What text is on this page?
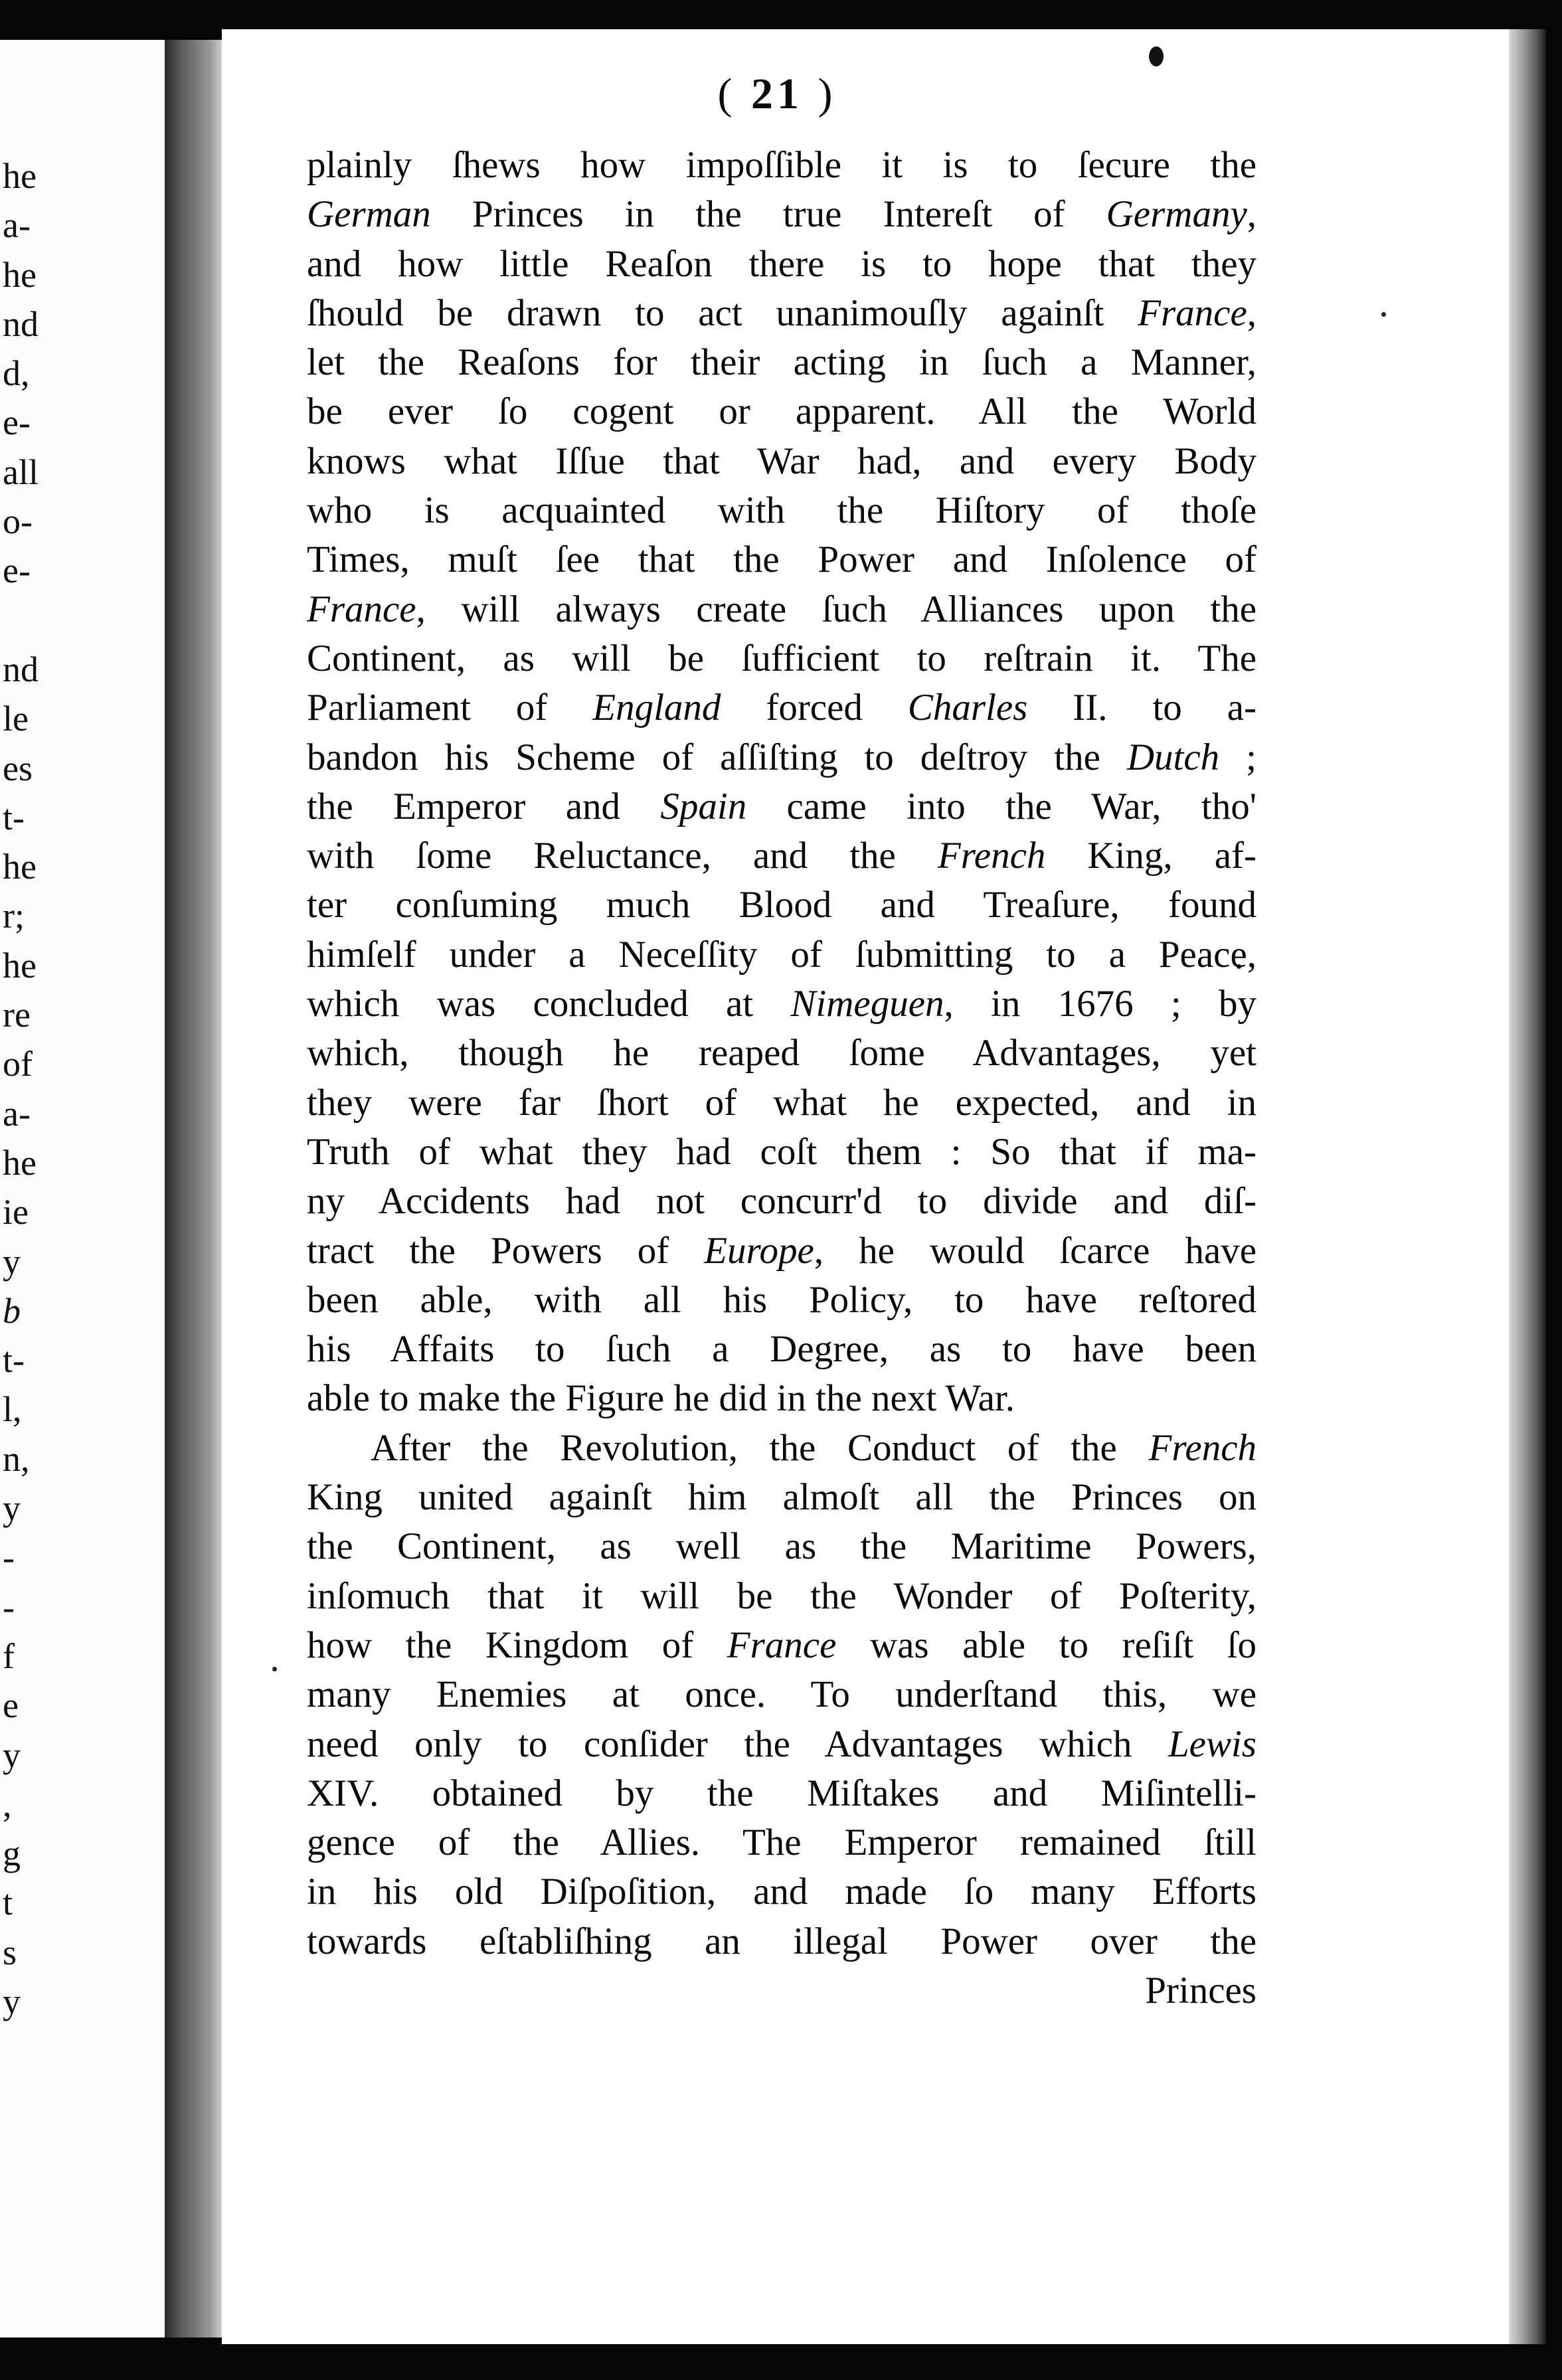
he
a-
he
nd
d,
e-
all
o-
e-
nd
le
es
t-
he
r;
he
re
of
a-
he
ie
y
b
t-
l,
n,
y
-
-
f
e
y
,
g
t
s
y
( 21 )
plainly ſhews how impoſſible it is to ſecure the
German Princes in the true Intereſt of Germany,
and how little Reaſon there is to hope that they
ſhould be drawn to act unanimouſly againſt France,
let the Reaſons for their acting in ſuch a Manner,
be ever ſo cogent or apparent. All the World
knows what Iſſue that War had, and every Body
who is acquainted with the Hiſtory of thoſe
Times, muſt ſee that the Power and Inſolence of
France, will always create ſuch Alliances upon the
Continent, as will be ſufficient to reſtrain it. The
Parliament of England forced Charles II. to a-
bandon his Scheme of aſſiſting to deſtroy the Dutch ;
the Emperor and Spain came into the War, tho'
with ſome Reluctance, and the French King, af-
ter conſuming much Blood and Treaſure, found
himſelf under a Neceſſity of ſubmitting to a Peace,
which was concluded at Nimeguen, in 1676 ; by
which, though he reaped ſome Advantages, yet
they were far ſhort of what he expected, and in
Truth of what they had coſt them : So that if ma-
ny Accidents had not concurr'd to divide and diſ-
tract the Powers of Europe, he would ſcarce have
been able, with all his Policy, to have reſtored
his Affaits to ſuch a Degree, as to have been
able to make the Figure he did in the next War.
After the Revolution, the Conduct of the French
King united againſt him almoſt all the Princes on
the Continent, as well as the Maritime Powers,
inſomuch that it will be the Wonder of Poſterity,
how the Kingdom of France was able to reſiſt ſo
many Enemies at once. To underſtand this, we
need only to conſider the Advantages which Lewis
XIV. obtained by the Miſtakes and Miſintelli-
gence of the Allies. The Emperor remained ſtill
in his old Diſpoſition, and made ſo many Efforts
towards eſtabliſhing an illegal Power over the
Princes
